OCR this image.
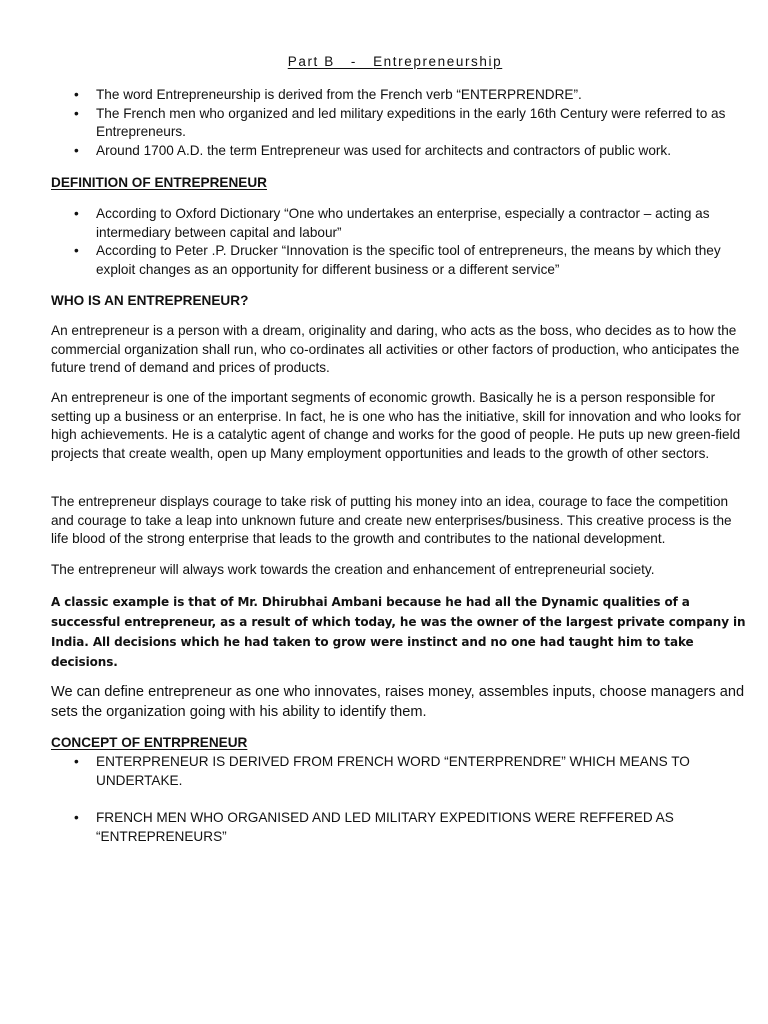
Part B   -   Entrepreneurship
• The word Entrepreneurship is derived from the French verb “ENTERPRENDRE”.
• The French men who organized and led military expeditions in the early 16th Century were referred to as Entrepreneurs.
• Around 1700 A.D. the term Entrepreneur was used for architects and contractors of public work.
DEFINITION OF ENTREPRENEUR
• According to Oxford Dictionary “One who undertakes an enterprise, especially a contractor – acting as intermediary between capital and labour”
• According to Peter .P. Drucker “Innovation is the specific tool of entrepreneurs, the means by which they exploit changes as an opportunity for different business or a different service”
WHO IS AN ENTREPRENEUR?

An entrepreneur is a person with a dream, originality and daring, who acts as the boss, who decides as to how the commercial organization shall run, who co-ordinates all activities or other factors of production, who anticipates the future trend of demand and prices of products.

An entrepreneur is one of the important segments of economic growth. Basically he is a person responsible for setting up a business or an enterprise. In fact, he is one who has the initiative, skill for innovation and who looks for high achievements. He is a catalytic agent of change and works for the good of people. He puts up new green-field projects that create wealth, open up Many employment opportunities and leads to the growth of other sectors.

The entrepreneur displays courage to take risk of putting his money into an idea, courage to face the competition and courage to take a leap into unknown future and create new enterprises/business. This creative process is the life blood of the strong enterprise that leads to the growth and contributes to the national development.

The entrepreneur will always work towards the creation and enhancement of entrepreneurial society.

A classic example is that of Mr. Dhirubhai Ambani because he had all the Dynamic qualities of a successful entrepreneur, as a result of which today, he was the owner of the largest private company in India. All decisions which he had taken to grow were instinct and no one had taught him to take decisions.

We can define entrepreneur as one who innovates, raises money, assembles inputs, choose managers and sets the organization going with his ability to identify them.

CONCEPT OF ENTRPRENEUR
• ENTERPRENEUR IS DERIVED FROM FRENCH WORD “ENTERPRENDRE” WHICH MEANS TO UNDERTAKE.
• FRENCH MEN WHO ORGANISED AND LED MILITARY EXPEDITIONS WERE REFFERED AS “ENTREPRENEURS”
